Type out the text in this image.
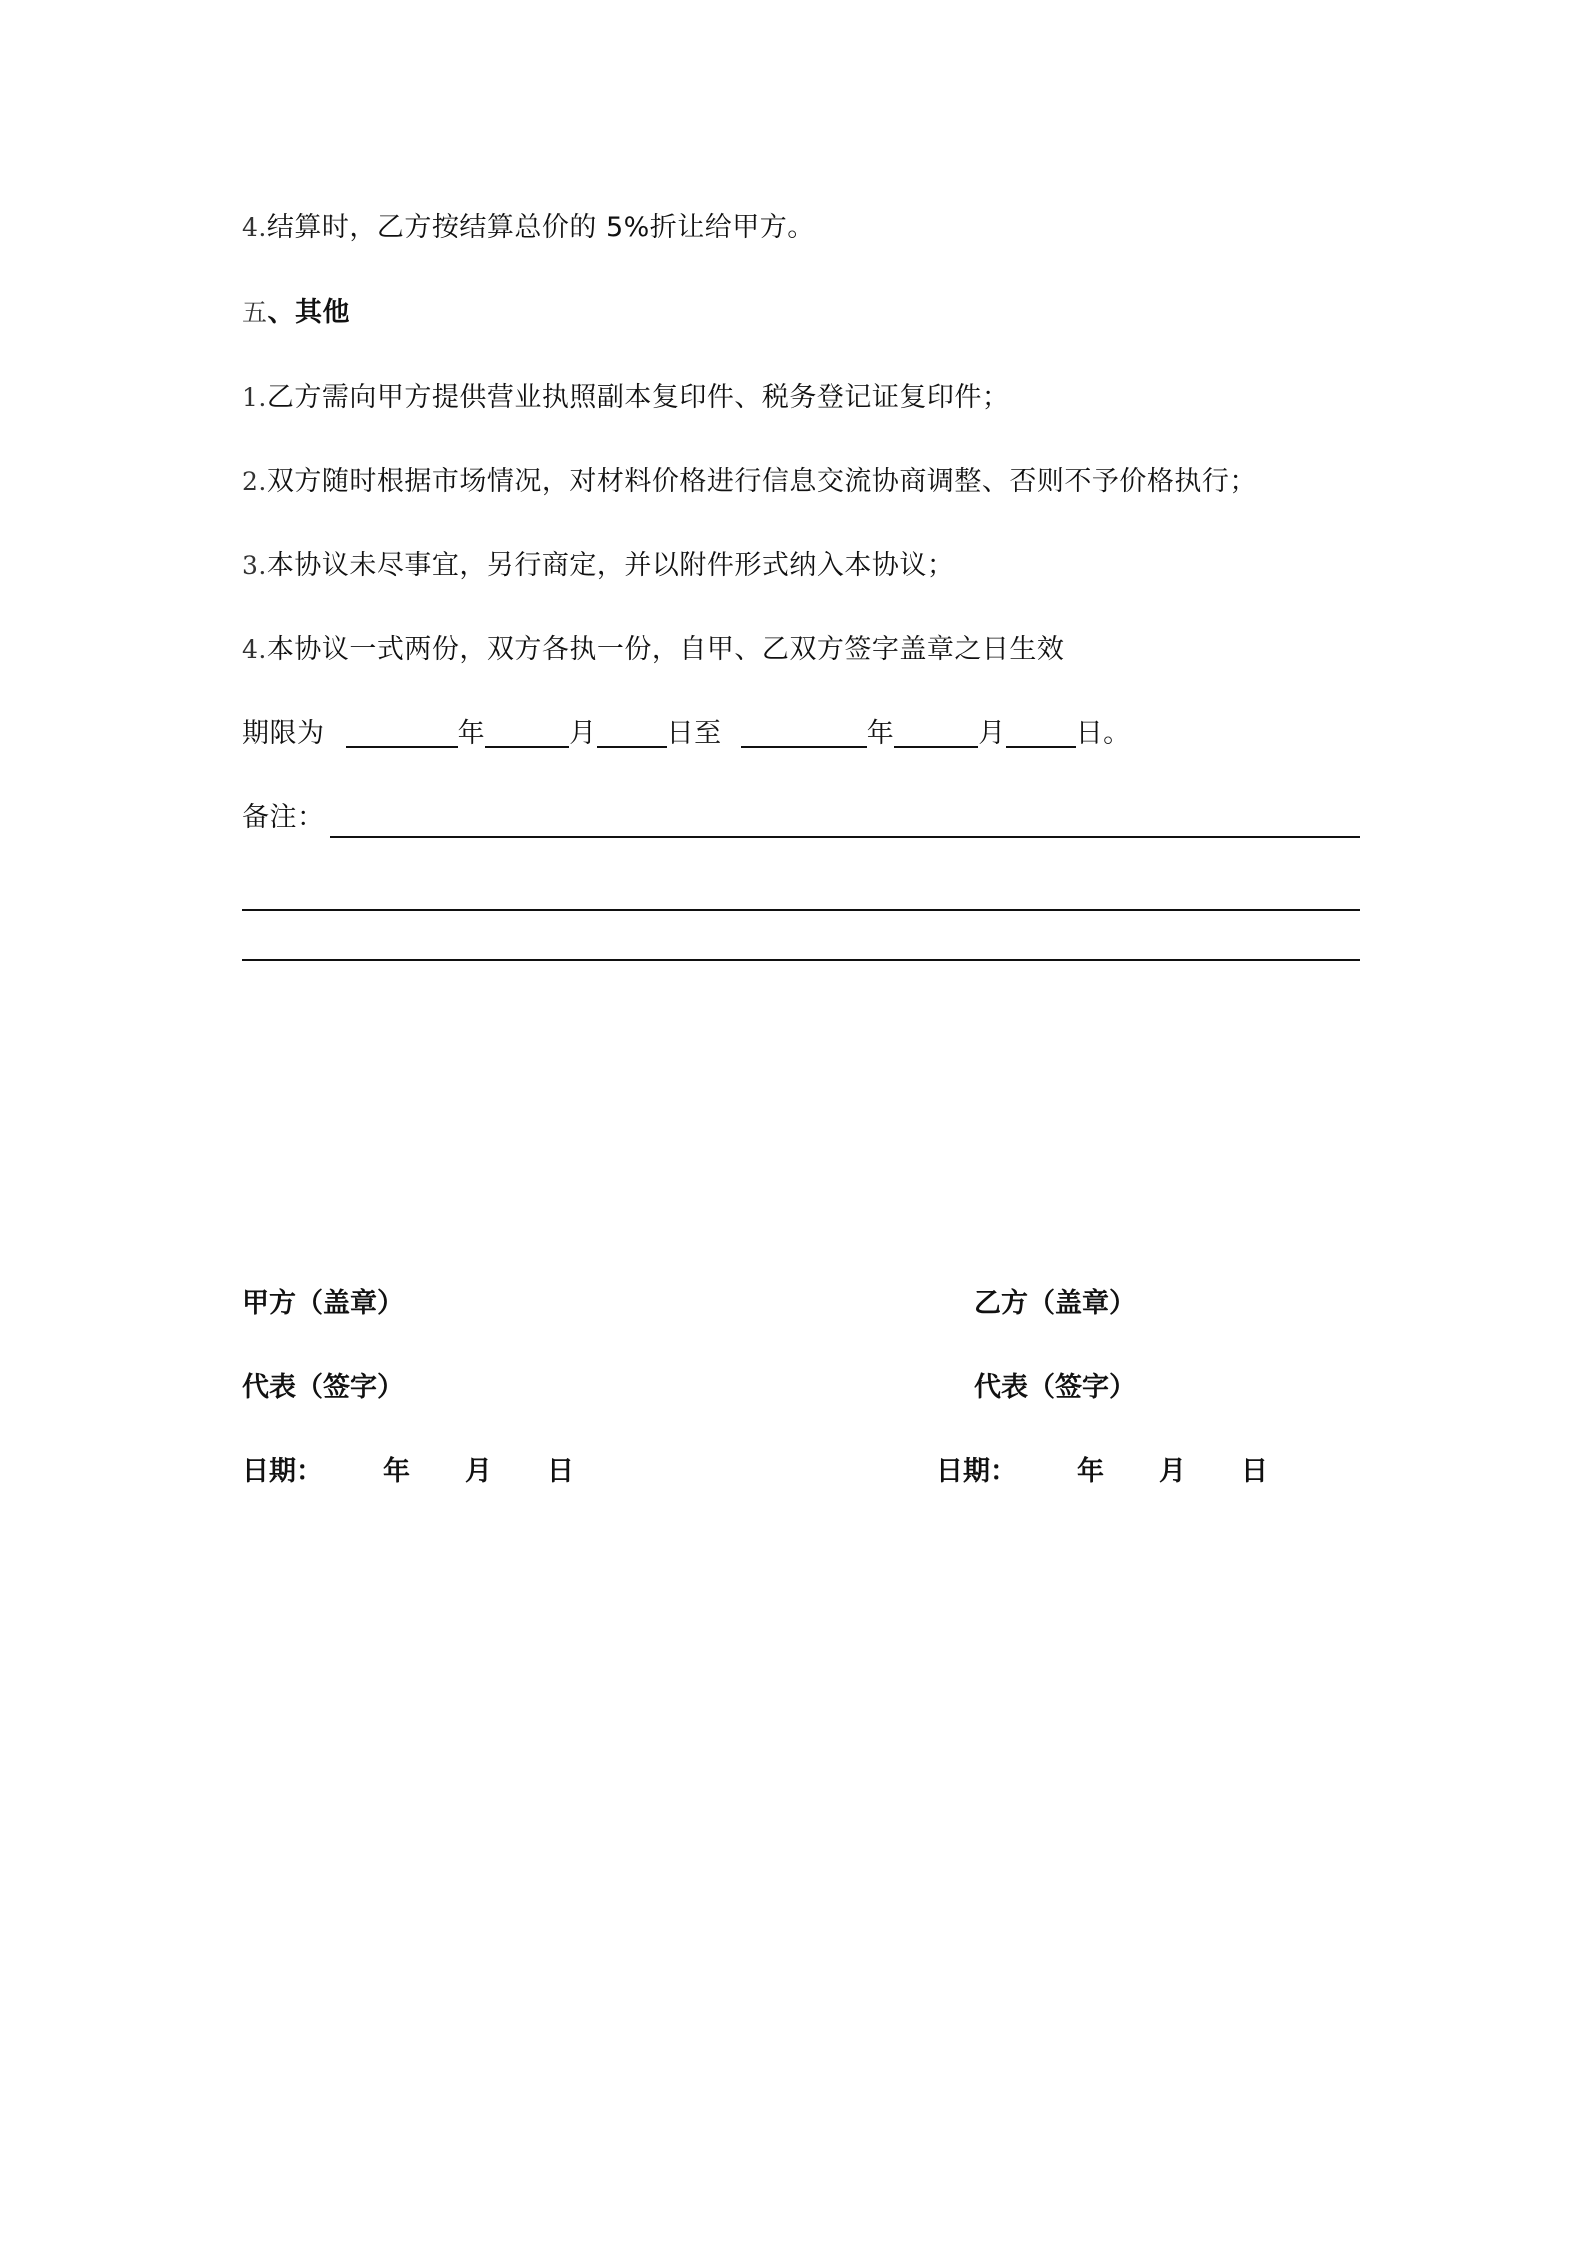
4.结算时，乙方按结算总价的 5%折让给甲方。
五、其他
1.乙方需向甲方提供营业执照副本复印件、税务登记证复印件；
2.双方随时根据市场情况，对材料价格进行信息交流协商调整、否则不予价格执行；
3.本协议未尽事宜，另行商定，并以附件形式纳入本协议；
4.本协议一式两份，双方各执一份，自甲、乙双方签字盖章之日生效
期限为	年	月	日至	年	月	日。
备注：
甲方（盖章）	乙方（盖章）
代表（签字）	代表（签字）
日期： 年 月 日	日期： 年 月 日
